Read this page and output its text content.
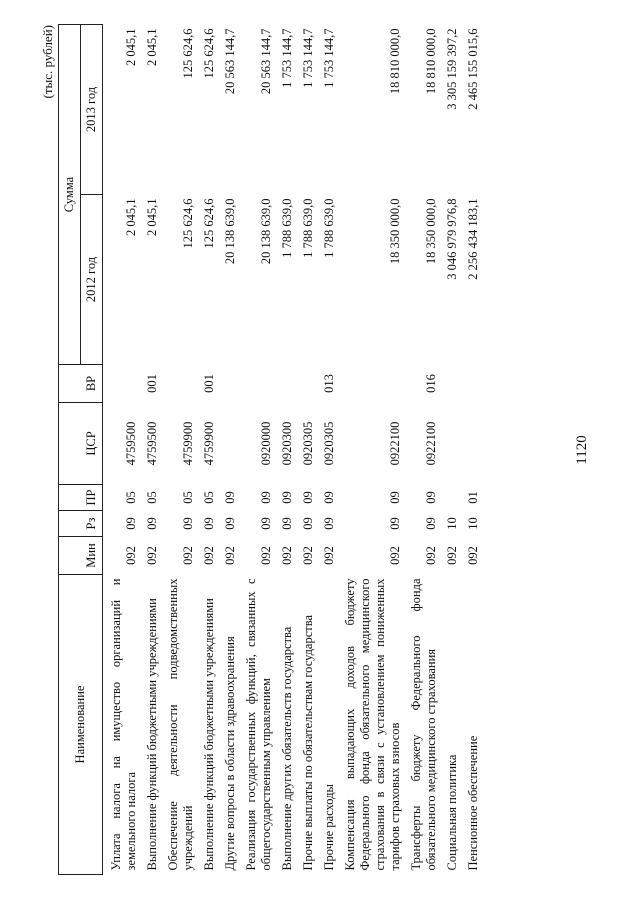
1120
(тыс. рублей)
Наименование	Мин	Рз	ПР	ЦСР	ВР	Сумма	
						2012 год	2013 год
Уплата налога на имущество организаций и земельного налога	092	09	05	4759500		2 045,1	2 045,1
Выполнение функций бюджетными учреждениями	092	09	05	4759500	001	2 045,1	2 045,1
Обеспечение деятельности подведомственных учреждений	092	09	05	4759900		125 624,6	125 624,6
Выполнение функций бюджетными учреждениями	092	09	05	4759900	001	125 624,6	125 624,6
Другие вопросы в области здравоохранения	092	09	09			20 138 639,0	20 563 144,7
Реализация государственных функций, связанных с общегосударственным управлением	092	09	09	0920000		20 138 639,0	20 563 144,7
Выполнение других обязательств государства	092	09	09	0920300		1 788 639,0	1 753 144,7
Прочие выплаты по обязательствам государства	092	09	09	0920305		1 788 639,0	1 753 144,7
Прочие расходы	092	09	09	0920305	013	1 788 639,0	1 753 144,7
Компенсация выпадающих доходов бюджету Федерального фонда обязательного медицинского страхования в связи с установлением пониженных тарифов страховых взносов	092	09	09	0922100		18 350 000,0	18 810 000,0
Трансферты бюджету Федерального фонда обязательного медицинского страхования	092	09	09	0922100	016	18 350 000,0	18 810 000,0
Социальная политика	092	10				3 046 979 976,8	3 305 159 397,2
Пенсионное обеспечение	092	10	01			2 256 434 183,1	2 465 155 015,6
